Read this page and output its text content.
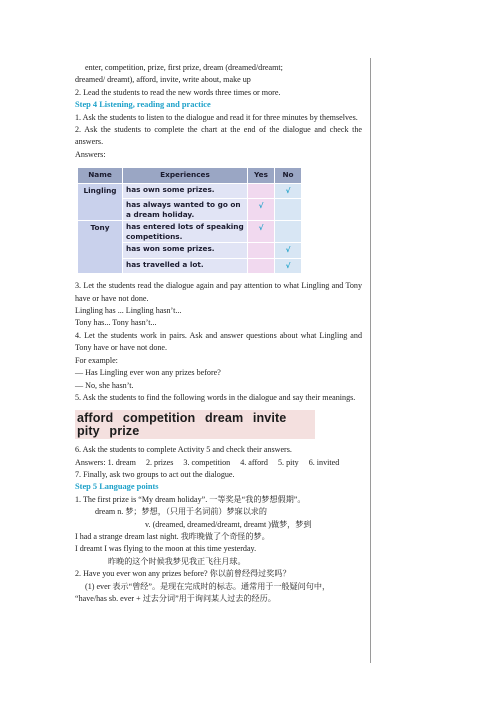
enter, competition, prize, first prize, dream (dreamed/dreamt;
dreamed/ dreamt), afford, invite, write about, make up
2. Lead the students to read the new words three times or more.
Step 4 Listening, reading and practice
1. Ask the students to listen to the dialogue and read it for three minutes by themselves.
2. Ask the students to complete the chart at the end of the dialogue and check the answers.
Answers:
Name	Experiences	Yes	No
Lingling	has own some prizes.		√
	has always wanted to go on a dream holiday.	√	
Tony	has entered lots of speaking competitions.	√	
	has won some prizes.		√
	has travelled a lot.		√
3. Let the students read the dialogue again and pay attention to what Lingling and Tony have or have not done.
Lingling has ... Lingling hasn’t...
Tony has... Tony hasn’t...
4. Let the students work in pairs. Ask and answer questions about what Lingling and Tony have or have not done.
For example:
— Has Lingling ever won any prizes before?
— No, she hasn’t.
5. Ask the students to find the following words in the dialogue and say their meanings.
afford competition dream invite pity prize
6. Ask the students to complete Activity 5 and check their answers.
Answers: 1. dream 2. prizes 3. competition 4. afford 5. pity 6. invited
7. Finally, ask two groups to act out the dialogue.
Step 5 Language points
1. The first prize is “My dream holiday”. 一等奖是“我的梦想假期”。
dream n. 梦；梦想，（只用于名词前）梦寐以求的
v. (dreamed, dreamed/dreamt, dreamt )做梦，梦到
I had a strange dream last night. 我昨晚做了个奇怪的梦。
I dreamt I was flying to the moon at this time yesterday.
昨晚的这个时候我梦见我正飞往月球。
2. Have you ever won any prizes before? 你以前曾经得过奖吗？
(1) ever 表示“曾经”。是现在完成时的标志。通常用于一般疑问句中，
“have/has sb. ever + 过去分词”用于询问某人过去的经历。
